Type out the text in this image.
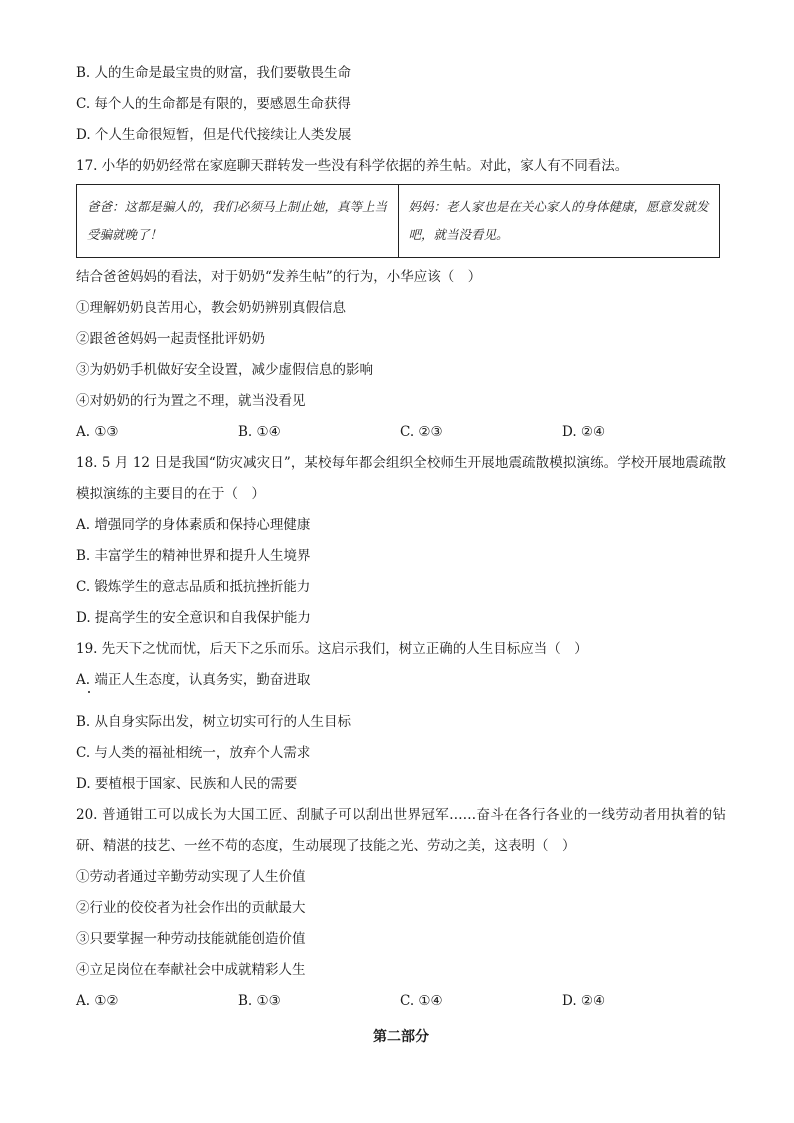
B. 人的生命是最宝贵的财富，我们要敬畏生命
C. 每个人的生命都是有限的，要感恩生命获得
D. 个人生命很短暂，但是代代接续让人类发展
17. 小华的奶奶经常在家庭聊天群转发一些没有科学依据的养生帖。对此，家人有不同看法。
爸爸：这都是骗人的，我们必须马上制止她，真等上当受骗就晚了！	妈妈：老人家也是在关心家人的身体健康，愿意发就发吧，就当没看见。
结合爸爸妈妈的看法，对于奶奶“发养生帖”的行为，小华应该（　）
①理解奶奶良苦用心，教会奶奶辨别真假信息
②跟爸爸妈妈一起责怪批评奶奶
③为奶奶手机做好安全设置，减少虚假信息的影响
④对奶奶的行为置之不理，就当没看见
A. ①③	B. ①④	C. ②③	D. ②④
18. 5 月 12 日是我国“防灾减灾日”，某校每年都会组织全校师生开展地震疏散模拟演练。学校开展地震疏散模拟演练的主要目的在于（　）
A. 增强同学的身体素质和保持心理健康
B. 丰富学生的精神世界和提升人生境界
C. 锻炼学生的意志品质和抵抗挫折能力
D. 提高学生的安全意识和自我保护能力
19. 先天下之忧而忧，后天下之乐而乐。这启示我们，树立正确的人生目标应当（　）
A. 端正人生态度，认真务实，勤奋进取
B. 从自身实际出发，树立切实可行的人生目标
C. 与人类的福祉相统一，放弃个人需求
D. 要植根于国家、民族和人民的需要
20. 普通钳工可以成长为大国工匠、刮腻子可以刮出世界冠军……奋斗在各行各业的一线劳动者用执着的钻研、精湛的技艺、一丝不苟的态度，生动展现了技能之光、劳动之美，这表明（　）
①劳动者通过辛勤劳动实现了人生价值
②行业的佼佼者为社会作出的贡献最大
③只要掌握一种劳动技能就能创造价值
④立足岗位在奉献社会中成就精彩人生
A. ①②	B. ①③	C. ①④	D. ②④
第二部分
